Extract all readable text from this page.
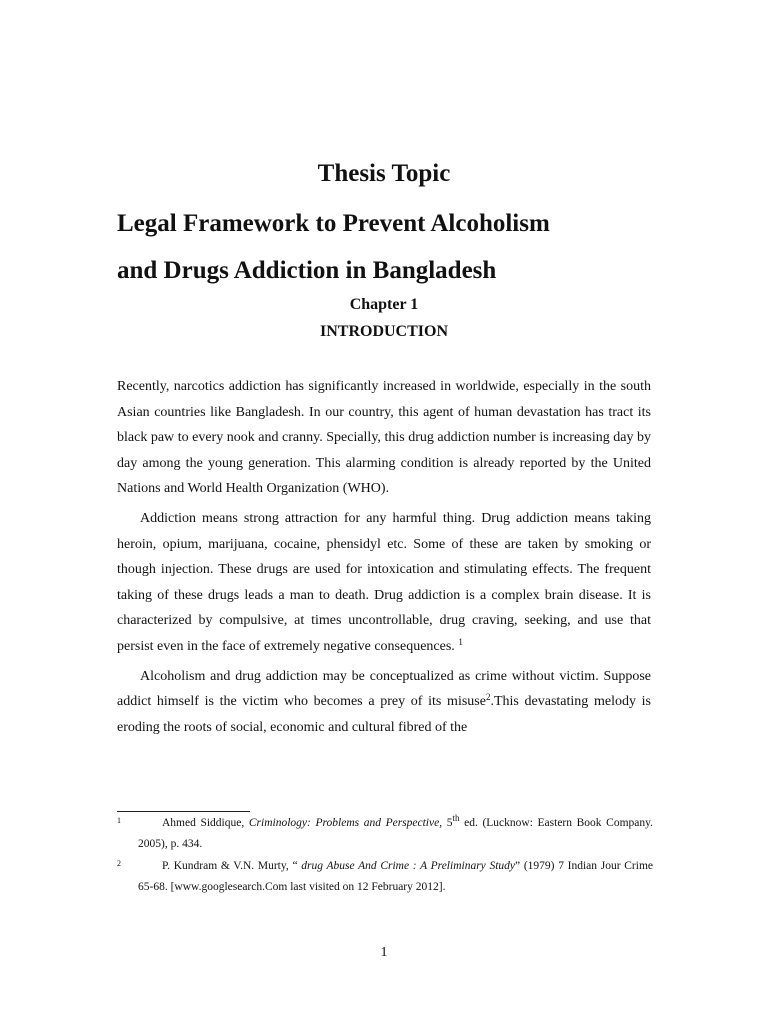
Thesis Topic
Legal Framework to Prevent Alcoholism
and Drugs Addiction in Bangladesh
Chapter 1
INTRODUCTION

Recently, narcotics addiction has significantly increased in worldwide, especially in the south Asian countries like Bangladesh. In our country, this agent of human devastation has tract its black paw to every nook and cranny. Specially, this drug addiction number is increasing day by day among the young generation. This alarming condition is already reported by the United Nations and World Health Organization (WHO).

Addiction means strong attraction for any harmful thing. Drug addiction means taking heroin, opium, marijuana, cocaine, phensidyl etc. Some of these are taken by smoking or though injection. These drugs are used for intoxication and stimulating effects. The frequent taking of these drugs leads a man to death. Drug addiction is a complex brain disease. It is characterized by compulsive, at times uncontrollable, drug craving, seeking, and use that persist even in the face of extremely negative consequences. $^1$

Alcoholism and drug addiction may be conceptualized as crime without victim. Suppose addict himself is the victim who becomes a prey of its misuse$^2$.This devastating melody is eroding the roots of social, economic and cultural fibred of the

1	Ahmed Siddique, Criminology: Problems and Perspective, 5th ed. (Lucknow: Eastern Book Company. 2005), p. 434.
2	P. Kundram & V.N. Murty, “ drug Abuse And Crime : A Preliminary Study” (1979) 7 Indian Jour Crime 65-68. [www.googlesearch.Com last visited on 12 February 2012].
1
